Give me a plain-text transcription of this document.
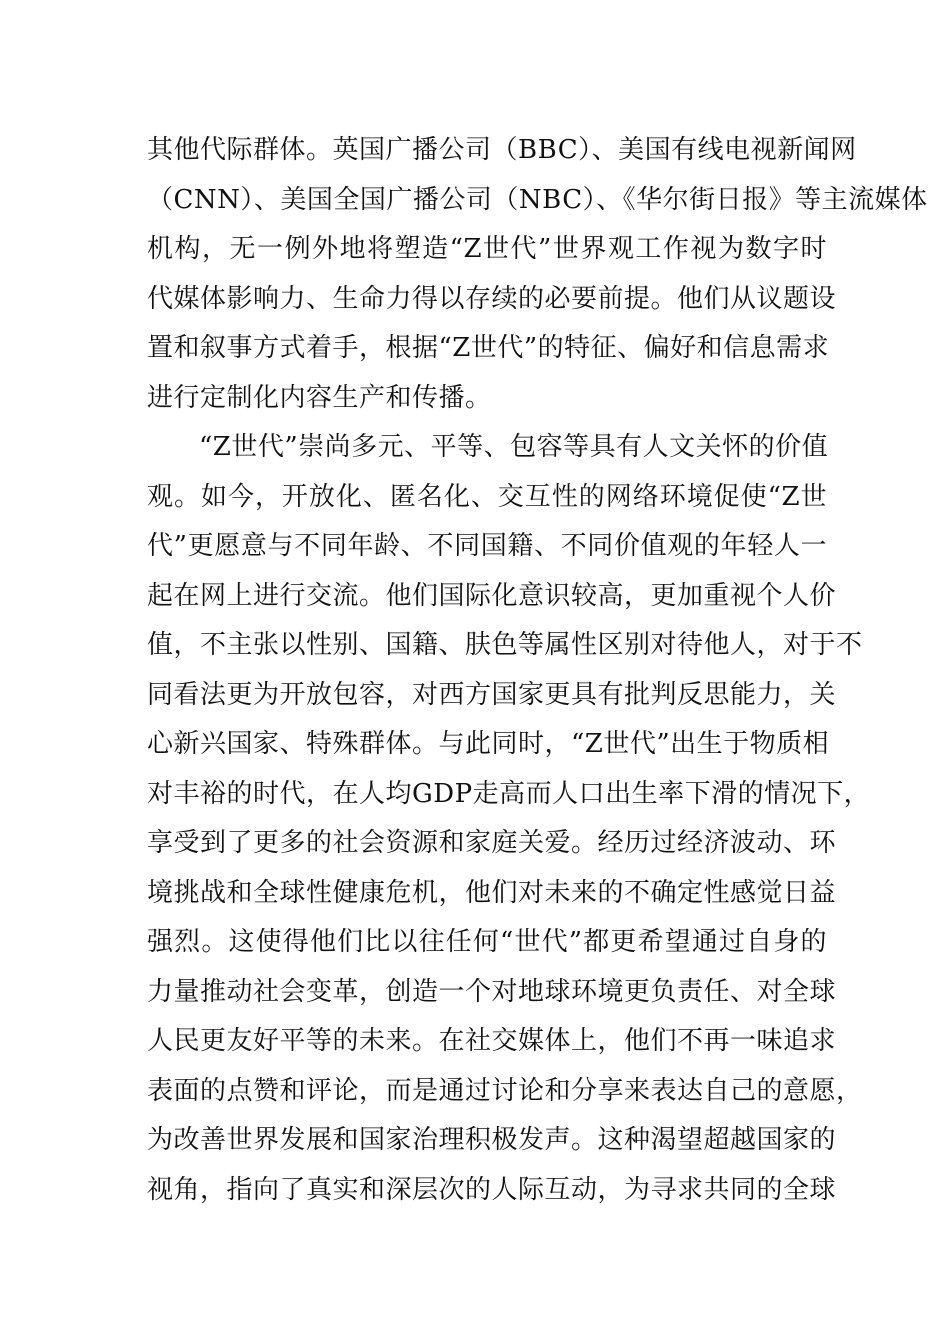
其他代际群体。英国广播公司（BBC）、美国有线电视新闻网
（CNN）、美国全国广播公司（NBC）、《华尔街日报》等主流媒体
机构，无一例外地将塑造“Z世代”世界观工作视为数字时
代媒体影响力、生命力得以存续的必要前提。他们从议题设
置和叙事方式着手，根据“Z世代”的特征、偏好和信息需求
进行定制化内容生产和传播。
“Z世代”崇尚多元、平等、包容等具有人文关怀的价值
观。如今，开放化、匿名化、交互性的网络环境促使“Z世
代”更愿意与不同年龄、不同国籍、不同价值观的年轻人一
起在网上进行交流。他们国际化意识较高，更加重视个人价
值，不主张以性别、国籍、肤色等属性区别对待他人，对于不
同看法更为开放包容，对西方国家更具有批判反思能力，关
心新兴国家、特殊群体。与此同时，“Z世代”出生于物质相
对丰裕的时代，在人均GDP走高而人口出生率下滑的情况下，
享受到了更多的社会资源和家庭关爱。经历过经济波动、环
境挑战和全球性健康危机，他们对未来的不确定性感觉日益
强烈。这使得他们比以往任何“世代”都更希望通过自身的
力量推动社会变革，创造一个对地球环境更负责任、对全球
人民更友好平等的未来。在社交媒体上，他们不再一味追求
表面的点赞和评论，而是通过讨论和分享来表达自己的意愿，
为改善世界发展和国家治理积极发声。这种渴望超越国家的
视角，指向了真实和深层次的人际互动，为寻求共同的全球
